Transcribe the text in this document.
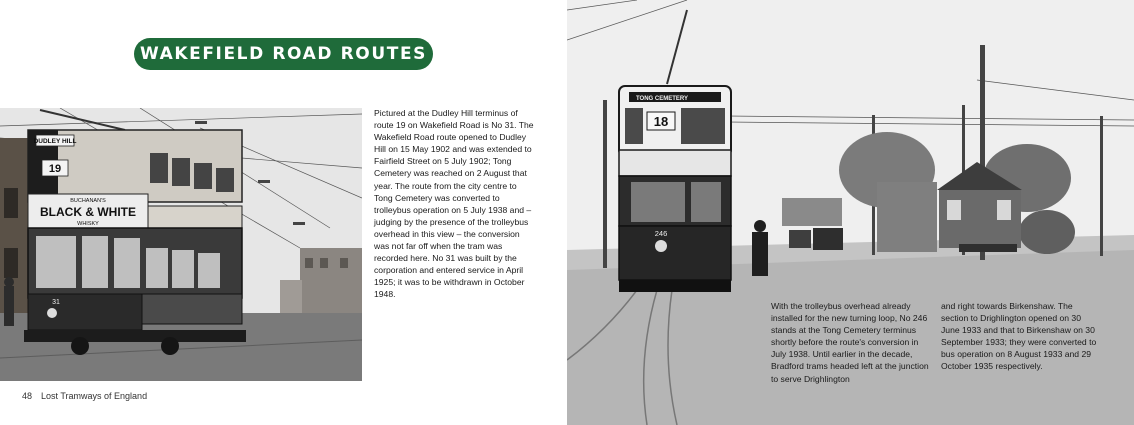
WAKEFIELD ROAD ROUTES
DUDLEY HILL
19
BUCHANAN'S
BLACK & WHITE
WHISKY
31
Pictured at the Dudley Hill terminus of route 19 on Wakefield Road is No 31. The Wakefield Road route opened to Dudley Hill on 15 May 1902 and was extended to Fairfield Street on 5 July 1902; Tong Cemetery was reached on 2 August that year. The route from the city centre to Tong Cemetery was converted to trolleybus operation on 5 July 1938 and – judging by the presence of the trolleybus overhead in this view – the conversion was not far off when the tram was recorded here. No 31 was built by the corporation and entered service in April 1925; it was to be withdrawn in October 1948.
48 Lost Tramways of England
TONG CEMETERY
18
246
With the trolleybus overhead already installed for the new turning loop, No 246 stands at the Tong Cemetery terminus shortly before the route's conversion in July 1938. Until earlier in the decade, Bradford trams headed left at the junction to serve Drighlington
and right towards Birkenshaw. The section to Drighlington opened on 30 June 1933 and that to Birkenshaw on 30 September 1933; they were converted to bus operation on 8 August 1933 and 29 October 1935 respectively.
